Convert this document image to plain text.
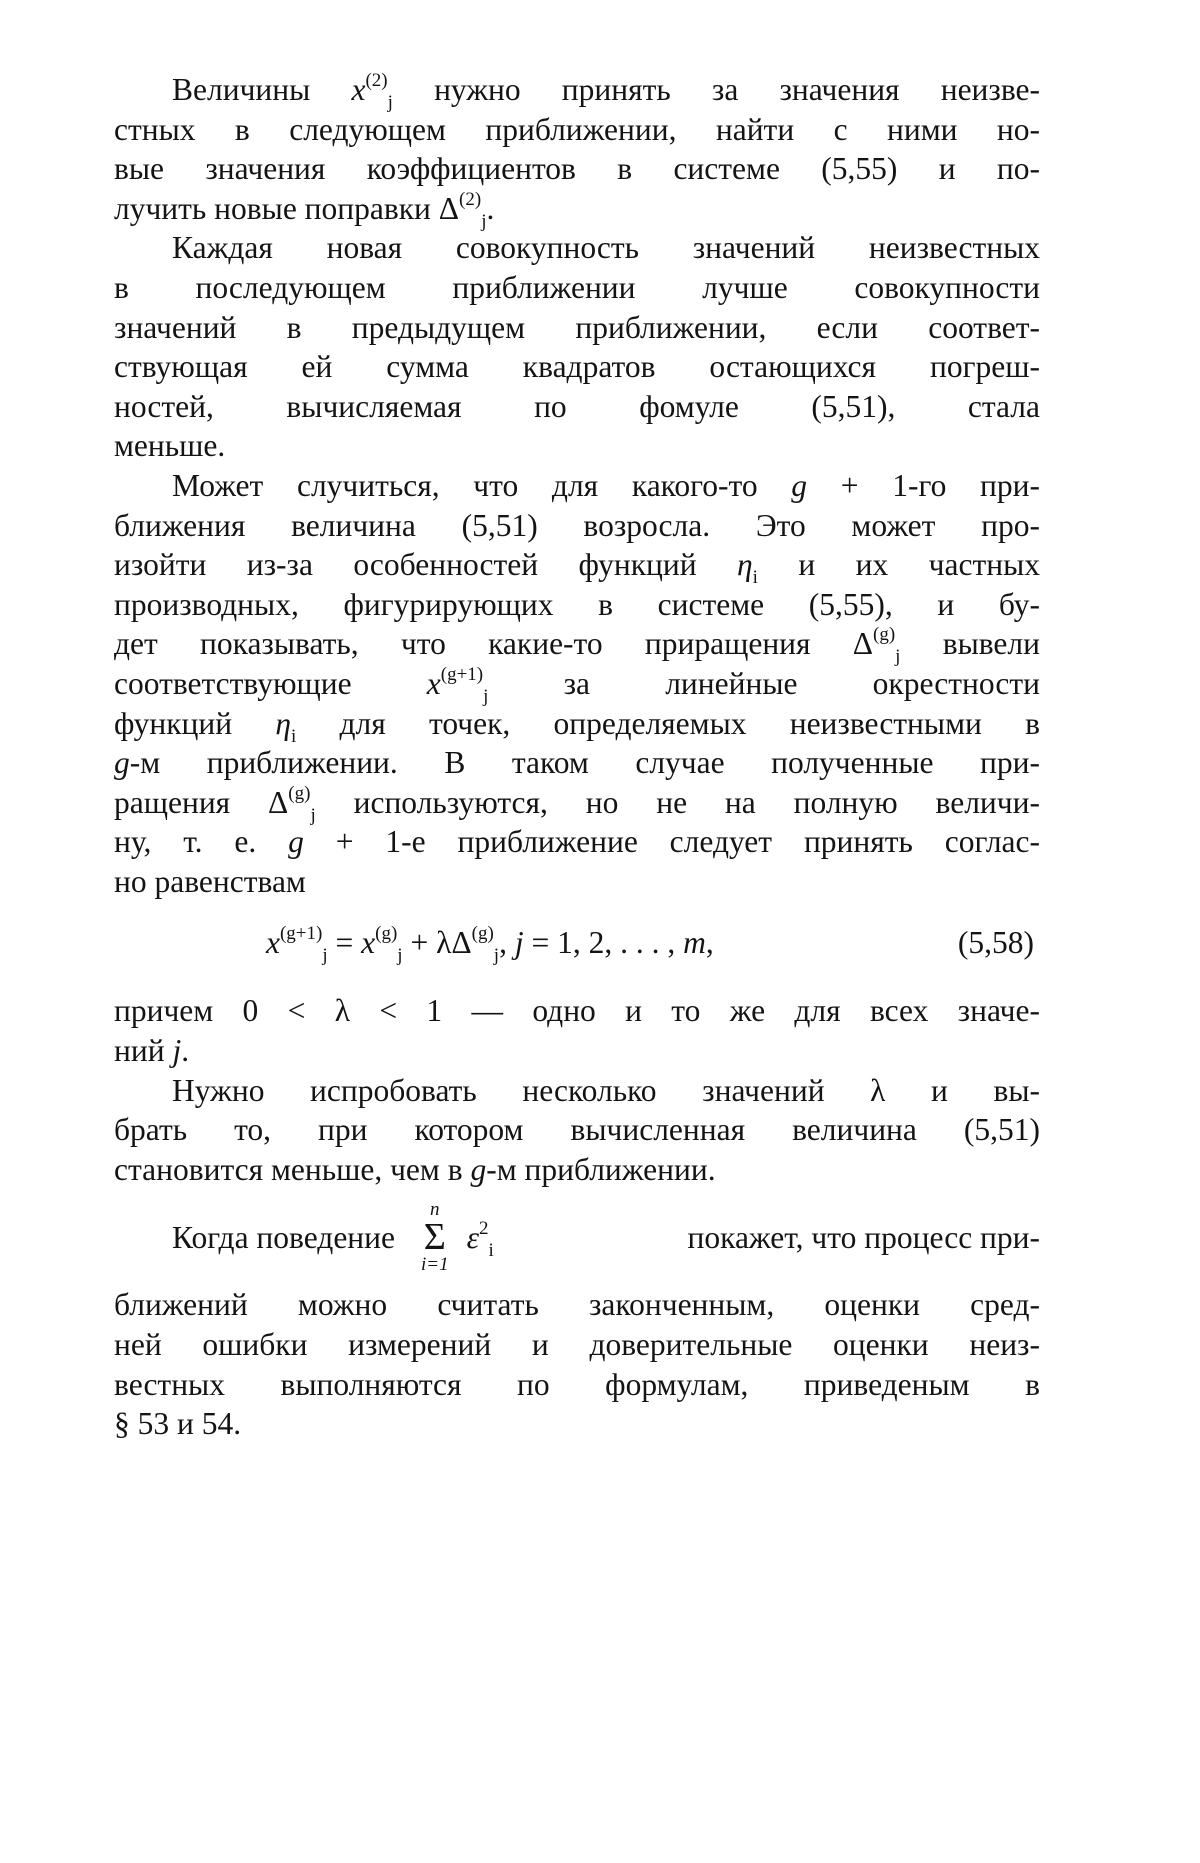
Величины $x^{(2)}_j$ нужно принять за значения неизве-
стных в следующем приближении, найти с ними но-
вые значения коэффициентов в системе (5,55) и по-
лучить новые поправки $\Delta^{(2)}_j$.
Каждая новая совокупность значений неизвестных
в последующем приближении лучше совокупности
значений в предыдущем приближении, если соответ-
ствующая ей сумма квадратов остающихся погреш-
ностей, вычисляемая по фомуле (5,51), стала
меньше.
Может случиться, что для какого-то g + 1-го при-
ближения величина (5,51) возросла. Это может про-
изойти из-за особенностей функций $\eta_i$ и их частных
производных, фигурирующих в системе (5,55), и бу-
дет показывать, что какие-то приращения $\Delta^{(g)}_j$ вывели
соответствующие $x^{(g+1)}_j$ за линейные окрестности
функций $\eta_i$ для точек, определяемых неизвестными в
g-м приближении. В таком случае полученные при-
ращения $\Delta^{(g)}_j$ используются, но не на полную величи-
ну, т. е. g + 1-е приближение следует принять соглас-
но равенствам
$x^{(g+1)}_j = x^{(g)}_j + \lambda\Delta^{(g)}_j$, j = 1, 2, . . . , m,	(5,58)
причем 0 < λ < 1 — одно и то же для всех значе-
ний j.
Нужно испробовать несколько значений λ и вы-
брать то, при котором вычисленная величина (5,51)
становится меньше, чем в g-м приближении.
Когда поведение
n
Σ
i=1
$\varepsilon^2_i$	покажет, что процесс при-
ближений можно считать законченным, оценки сред-
ней ошибки измерений и доверительные оценки неиз-
вестных выполняются по формулам, приведеным в
§ 53 и 54.
